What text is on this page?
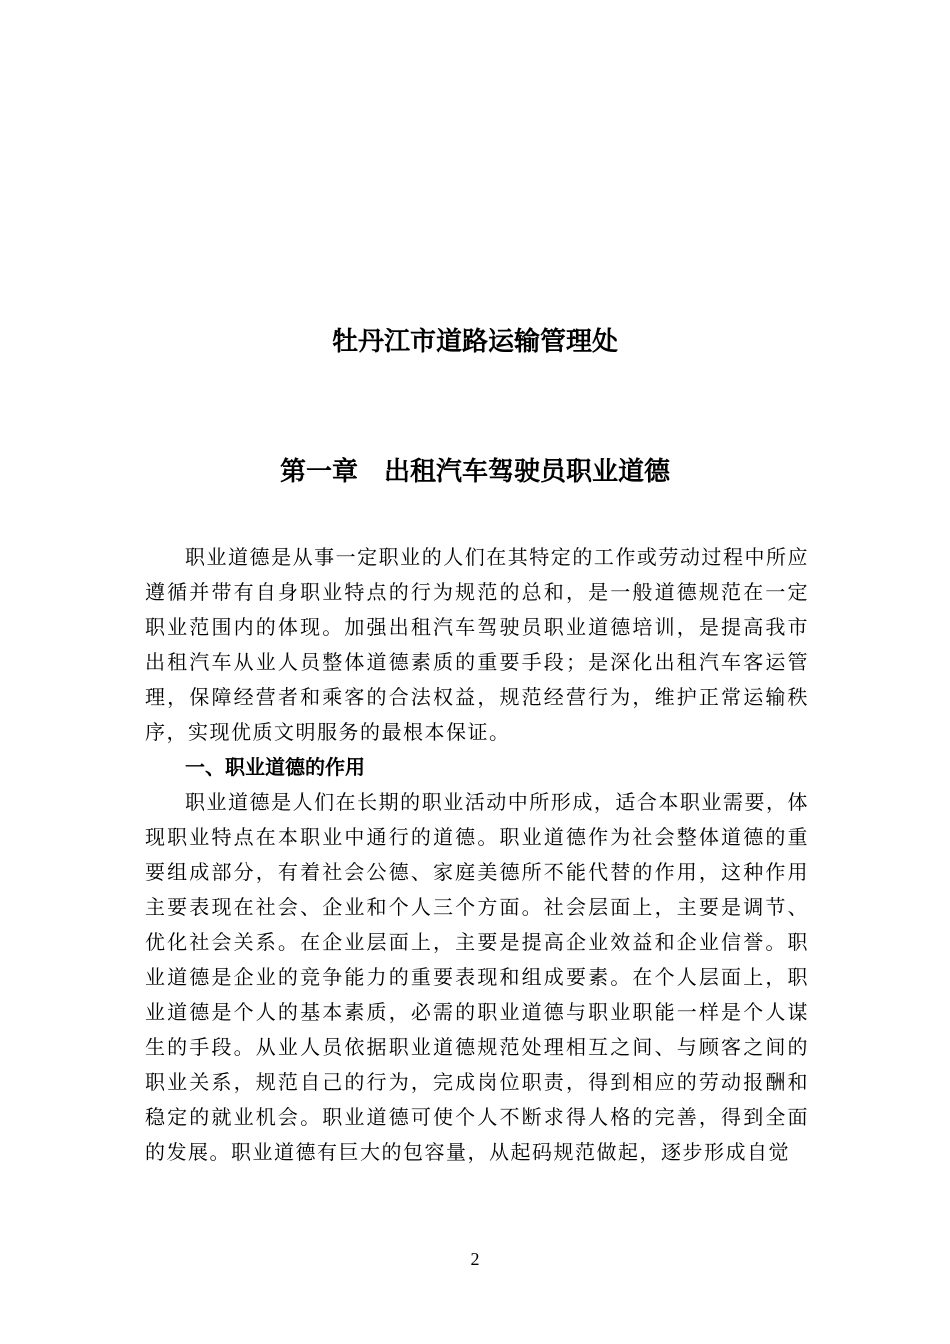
牡丹江市道路运输管理处
第一章　出租汽车驾驶员职业道德

职业道德是从事一定职业的人们在其特定的工作或劳动过程中所应遵循并带有自身职业特点的行为规范的总和，是一般道德规范在一定职业范围内的体现。加强出租汽车驾驶员职业道德培训，是提高我市出租汽车从业人员整体道德素质的重要手段；是深化出租汽车客运管理，保障经营者和乘客的合法权益，规范经营行为，维护正常运输秩序，实现优质文明服务的最根本保证。

一、职业道德的作用

职业道德是人们在长期的职业活动中所形成，适合本职业需要，体现职业特点在本职业中通行的道德。职业道德作为社会整体道德的重要组成部分，有着社会公德、家庭美德所不能代替的作用，这种作用主要表现在社会、企业和个人三个方面。社会层面上，主要是调节、优化社会关系。在企业层面上，主要是提高企业效益和企业信誉。职业道德是企业的竞争能力的重要表现和组成要素。在个人层面上，职业道德是个人的基本素质，必需的职业道德与职业职能一样是个人谋生的手段。从业人员依据职业道德规范处理相互之间、与顾客之间的职业关系，规范自己的行为，完成岗位职责，得到相应的劳动报酬和稳定的就业机会。职业道德可使个人不断求得人格的完善，得到全面的发展。职业道德有巨大的包容量，从起码规范做起，逐步形成自觉

2
